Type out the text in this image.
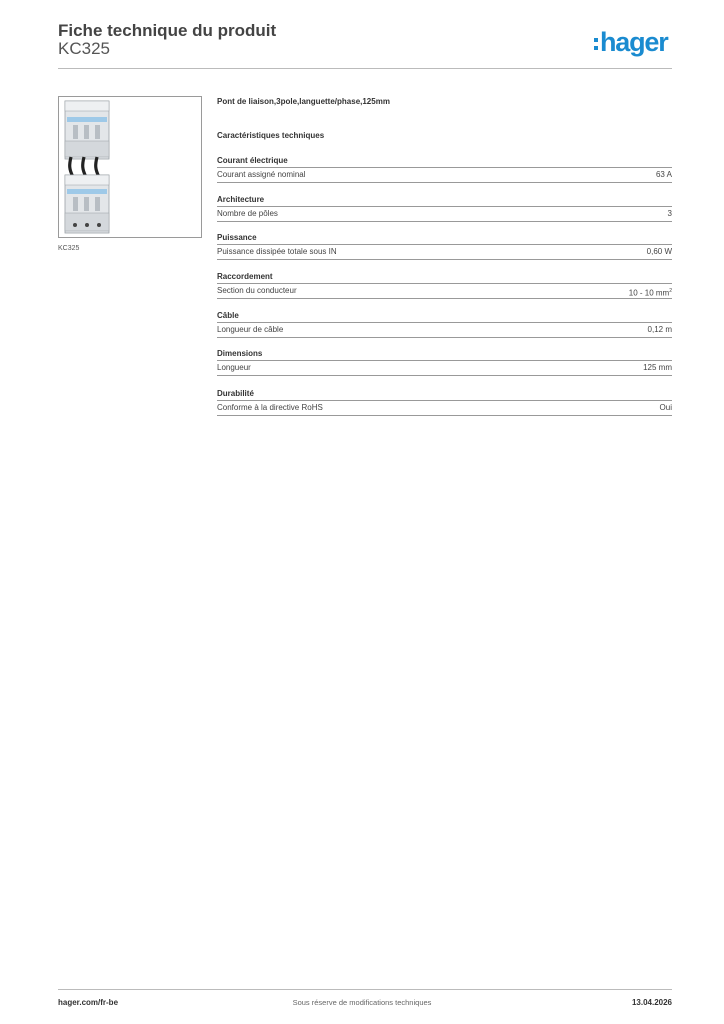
Fiche technique du produit
KC325	hager
KC325
Pont de liaison,3pole,languette/phase,125mm
Caractéristiques techniques
Courant électrique
Courant assigné nominal	63 A
Architecture
Nombre de pôles	3
Puissance
Puissance dissipée totale sous IN	0,60 W
Raccordement
Section du conducteur	10 - 10 $mm^2$
Câble
Longueur de câble	0,12 m
Dimensions
Longueur	125 mm
Durabilité
Conforme à la directive RoHS	Oui
hager.com/fr-be	Sous réserve de modifications techniques	13.04.2026
